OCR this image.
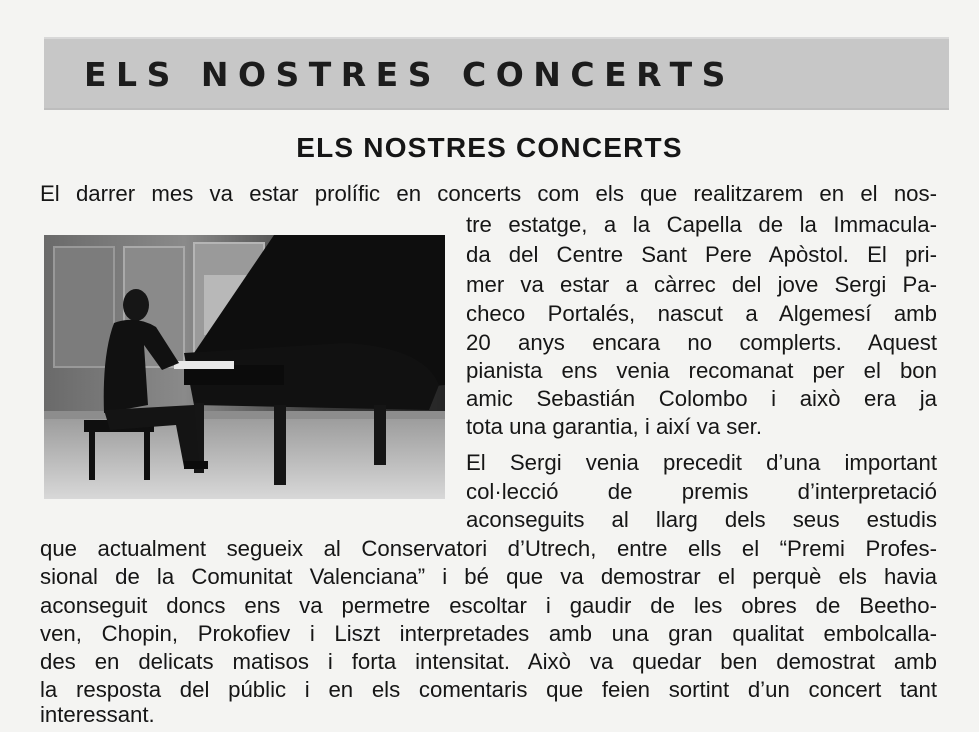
ELS NOSTRES CONCERTS
ELS NOSTRES CONCERTS
El darrer mes va estar prolífic en concerts com els que realitzarem en el nos-
tre estatge, a la Capella de la Immacula-
da del Centre Sant Pere Apòstol. El pri-
mer va estar a càrrec del jove Sergi Pa-
checo Portalés, nascut a Algemesí amb
20 anys encara no complerts. Aquest
pianista ens venia recomanat per el bon
amic Sebastián Colombo i això era ja
tota una garantia, i així va ser.
El Sergi venia precedit d’una important
col·lecció de premis d’interpretació
aconseguits al llarg dels seus estudis
que actualment segueix al Conservatori d’Utrech, entre ells el “Premi Profes-
sional de la Comunitat Valenciana” i bé que va demostrar el perquè els havia
aconseguit doncs ens va permetre escoltar i gaudir de les obres de Beetho-
ven, Chopin, Prokofiev i Liszt interpretades amb una gran qualitat embolcalla-
des en delicats matisos i forta intensitat. Això va quedar ben demostrat amb
la resposta del públic i en els comentaris que feien sortint d’un concert tant
interessant.
